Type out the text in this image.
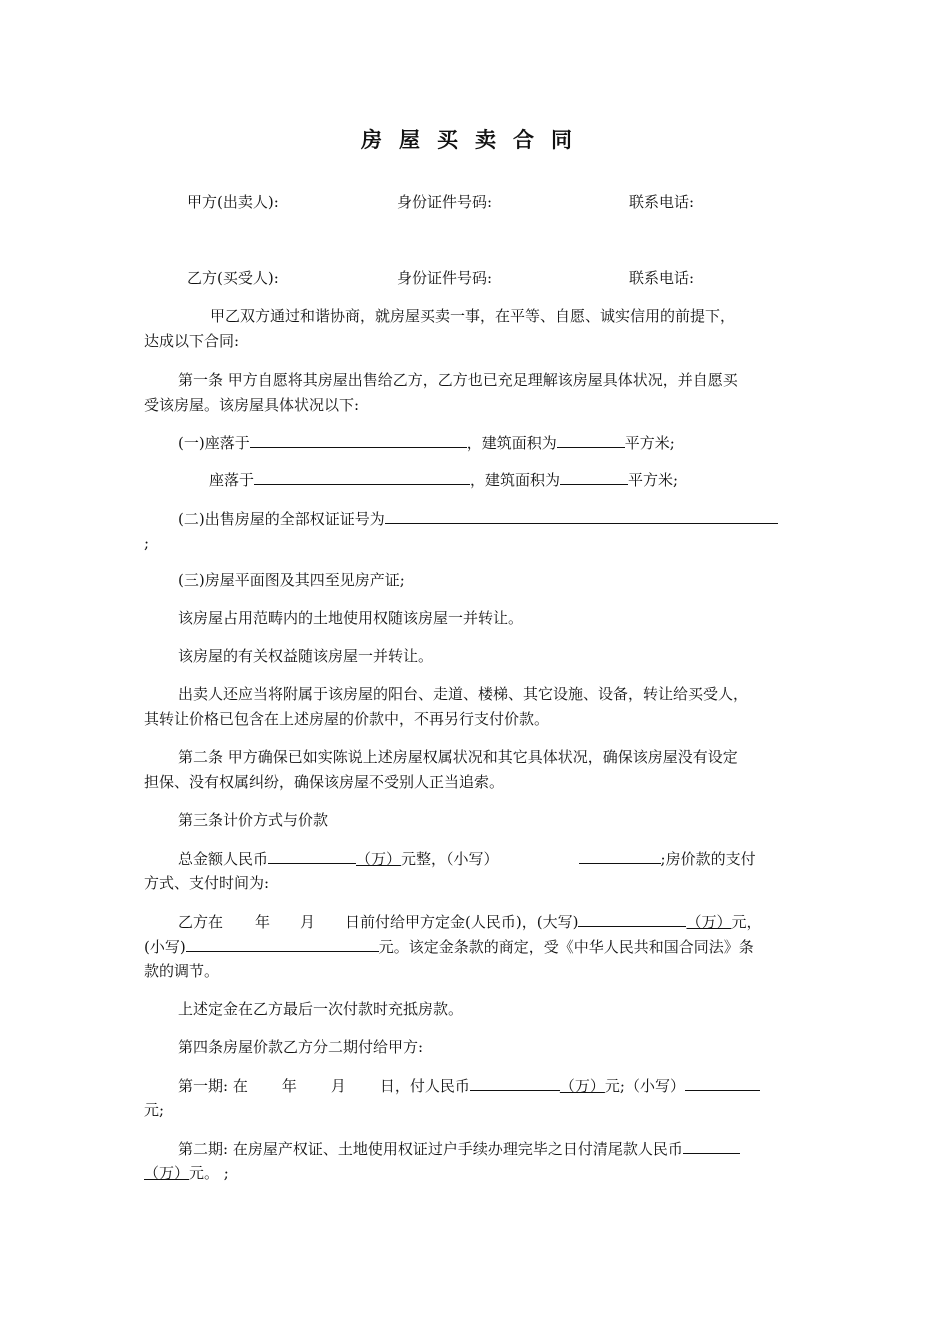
房屋买卖合同
甲方(出卖人):	身份证件号码:	联系电话:
乙方(买受人):	身份证件号码:	联系电话:
甲乙双方通过和谐协商，就房屋买卖一事，在平等、自愿、诚实信用的前提下，
达成以下合同:
第一条 甲方自愿将其房屋出售给乙方，乙方也已充足理解该房屋具体状况，并自愿买
受该房屋。该房屋具体状况以下:
(一)座落于	，建筑面积为	平方米;
座落于	，建筑面积为	平方米;
(二)出售房屋的全部权证证号为
;
(三)房屋平面图及其四至见房产证;
该房屋占用范畴内的土地使用权随该房屋一并转让。
该房屋的有关权益随该房屋一并转让。
出卖人还应当将附属于该房屋的阳台、走道、楼梯、其它设施、设备，转让给买受人，
其转让价格已包含在上述房屋的价款中，不再另行支付价款。
第二条 甲方确保已如实陈说上述房屋权属状况和其它具体状况，确保该房屋没有设定
担保、没有权属纠纷，确保该房屋不受别人正当追索。
第三条计价方式与价款
总金额人民币	（万）元整，（小写）	;房价款的支付
方式、支付时间为:
乙方在 年 月 日前付给甲方定金(人民币)，(大写)	（万）元，
(小写)	元。该定金条款的商定，受《中华人民共和国合同法》条
款的调节。
上述定金在乙方最后一次付款时充抵房款。
第四条房屋价款乙方分二期付给甲方:
第一期: 在 年 月 日，付人民币	（万）元;（小写）
元;
第二期: 在房屋产权证、土地使用权证过户手续办理完毕之日付清尾款人民币
（万）元。 ;
